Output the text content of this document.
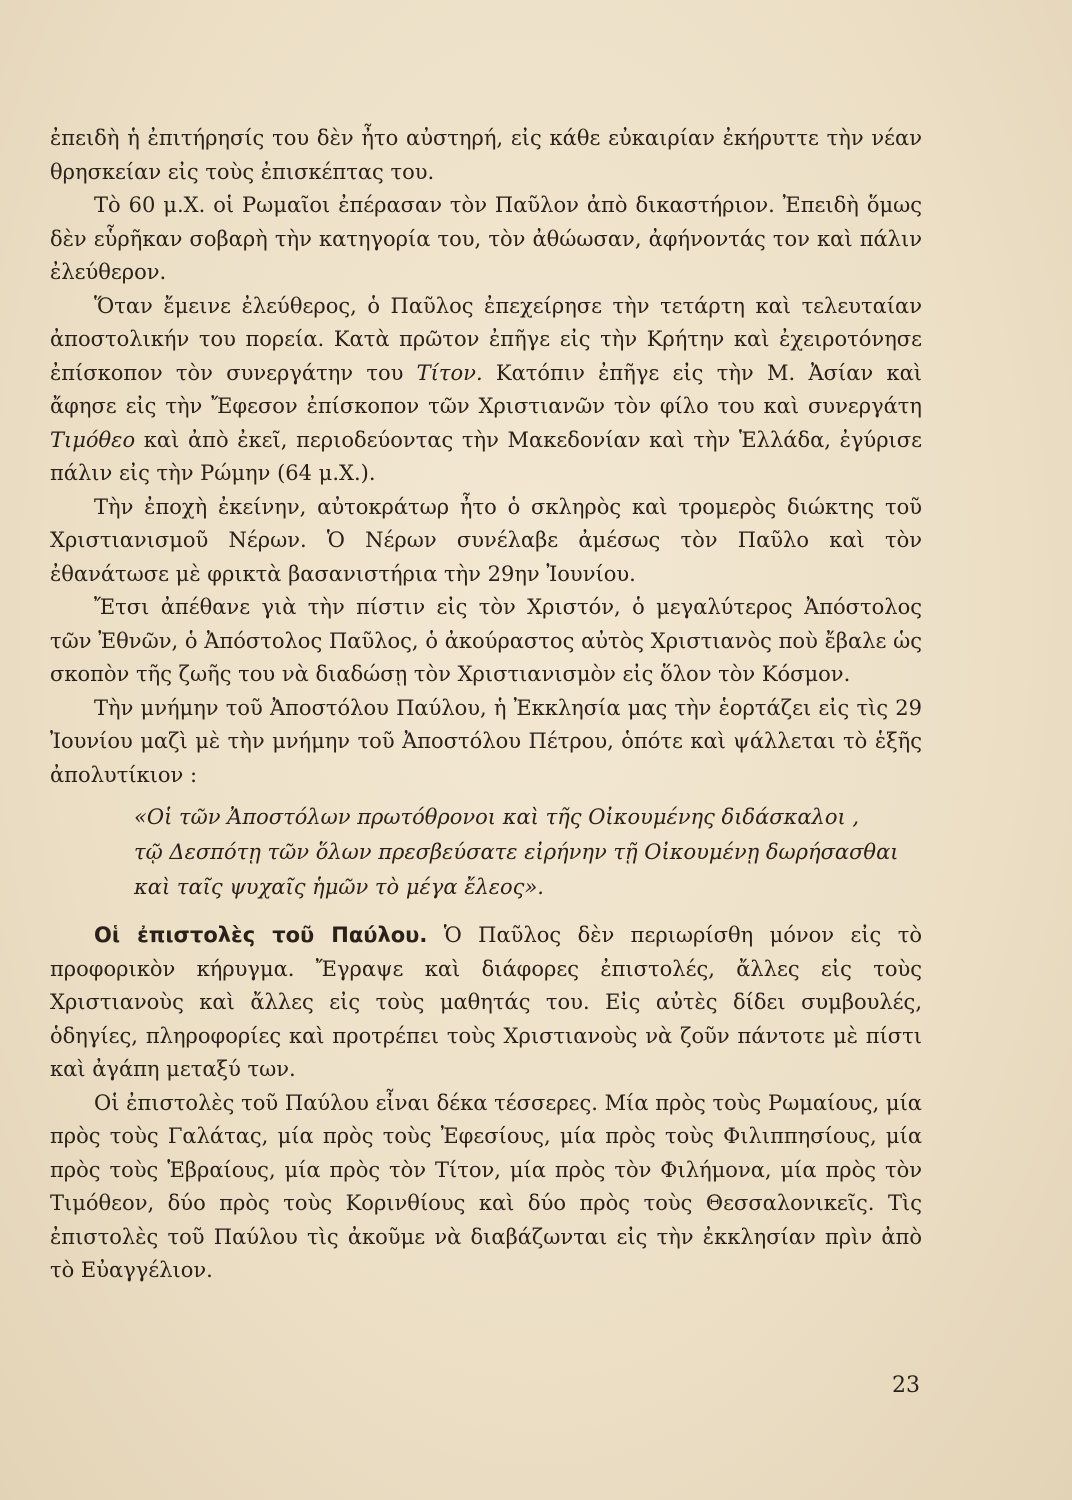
ἐπειδὴ ἡ ἐπιτήρησίς του δὲν ἦτο αὐστηρή, εἰς κάθε εὐκαιρίαν ἐκήρυττε τὴν νέαν θρησκείαν εἰς τοὺς ἐπισκέπτας του.

Τὸ 60 μ.Χ. οἱ Ρωμαῖοι ἐπέρασαν τὸν Παῦλον ἀπὸ δικαστήριον. Ἐπειδὴ ὅμως δὲν εὗρῆκαν σοβαρὴ τὴν κατηγορία του, τὸν ἀθώωσαν, ἀφήνοντάς τον καὶ πάλιν ἐλεύθερον.

Ὅταν ἔμεινε ἐλεύθερος, ὁ Παῦλος ἐπεχείρησε τὴν τετάρτη καὶ τελευταίαν ἀποστολικήν του πορεία. Κατὰ πρῶτον ἐπῆγε εἰς τὴν Κρήτην καὶ ἐχειροτόνησε ἐπίσκοπον τὸν συνεργάτην του Τίτον. Κατόπιν ἐπῆγε εἰς τὴν Μ. Ἀσίαν καὶ ἄφησε εἰς τὴν Ἔφεσον ἐπίσκοπον τῶν Χριστιανῶν τὸν φίλο του καὶ συνεργάτη Τιμόθεο καὶ ἀπὸ ἐκεῖ, περιοδεύοντας τὴν Μακεδονίαν καὶ τὴν Ἑλλάδα, ἐγύρισε πάλιν εἰς τὴν Ρώμην (64 μ.Χ.).

Τὴν ἐποχὴ ἐκείνην, αὐτοκράτωρ ἦτο ὁ σκληρὸς καὶ τρομερὸς διώκτης τοῦ Χριστιανισμοῦ Νέρων. Ὁ Νέρων συνέλαβε ἀμέσως τὸν Παῦλο καὶ τὸν ἐθανάτωσε μὲ φρικτὰ βασανιστήρια τὴν 29ην Ἰουνίου.

Ἔτσι ἀπέθανε γιὰ τὴν πίστιν εἰς τὸν Χριστόν, ὁ μεγαλύτερος Ἀπόστολος τῶν Ἐθνῶν, ὁ Ἀπόστολος Παῦλος, ὁ ἀκούραστος αὐτὸς Χριστιανὸς ποὺ ἔβαλε ὡς σκοπὸν τῆς ζωῆς του νὰ διαδώσῃ τὸν Χριστιανισμὸν εἰς ὅλον τὸν Κόσμον.

Τὴν μνήμην τοῦ Ἀποστόλου Παύλου, ἡ Ἐκκλησία μας τὴν ἑορτάζει εἰς τὶς 29 Ἰουνίου μαζὶ μὲ τὴν μνήμην τοῦ Ἀποστόλου Πέτρου, ὁπότε καὶ ψάλλεται τὸ ἑξῆς ἀπολυτίκιον :

«Οἱ τῶν Ἀποστόλων πρωτόθρονοι καὶ τῆς Οἰκουμένης διδάσκαλοι ,
τῷ Δεσπότῃ τῶν ὅλων πρεσβεύσατε εἰρήνην τῇ Οἰκουμένῃ δωρήσασθαι
καὶ ταῖς ψυχαῖς ἡμῶν τὸ μέγα ἔλεος».

Οἱ ἐπιστολὲς τοῦ Παύλου. Ὁ Παῦλος δὲν περιωρίσθη μόνον εἰς τὸ προφορικὸν κήρυγμα. Ἔγραψε καὶ διάφορες ἐπιστολές, ἄλλες εἰς τοὺς Χριστιανοὺς καὶ ἄλλες εἰς τοὺς μαθητάς του. Εἰς αὐτὲς δίδει συμβουλές, ὁδηγίες, πληροφορίες καὶ προτρέπει τοὺς Χριστιανοὺς νὰ ζοῦν πάντοτε μὲ πίστι καὶ ἀγάπη μεταξύ των.

Οἱ ἐπιστολὲς τοῦ Παύλου εἶναι δέκα τέσσερες. Μία πρὸς τοὺς Ρωμαίους, μία πρὸς τοὺς Γαλάτας, μία πρὸς τοὺς Ἐφεσίους, μία πρὸς τοὺς Φιλιππησίους, μία πρὸς τοὺς Ἑβραίους, μία πρὸς τὸν Τίτον, μία πρὸς τὸν Φιλήμονα, μία πρὸς τὸν Τιμόθεον, δύο πρὸς τοὺς Κορινθίους καὶ δύο πρὸς τοὺς Θεσσαλονικεῖς. Τὶς ἐπιστολὲς τοῦ Παύλου τὶς ἀκοῦμε νὰ διαβάζωνται εἰς τὴν ἐκκλησίαν πρὶν ἀπὸ τὸ Εὐαγγέλιον.

23
